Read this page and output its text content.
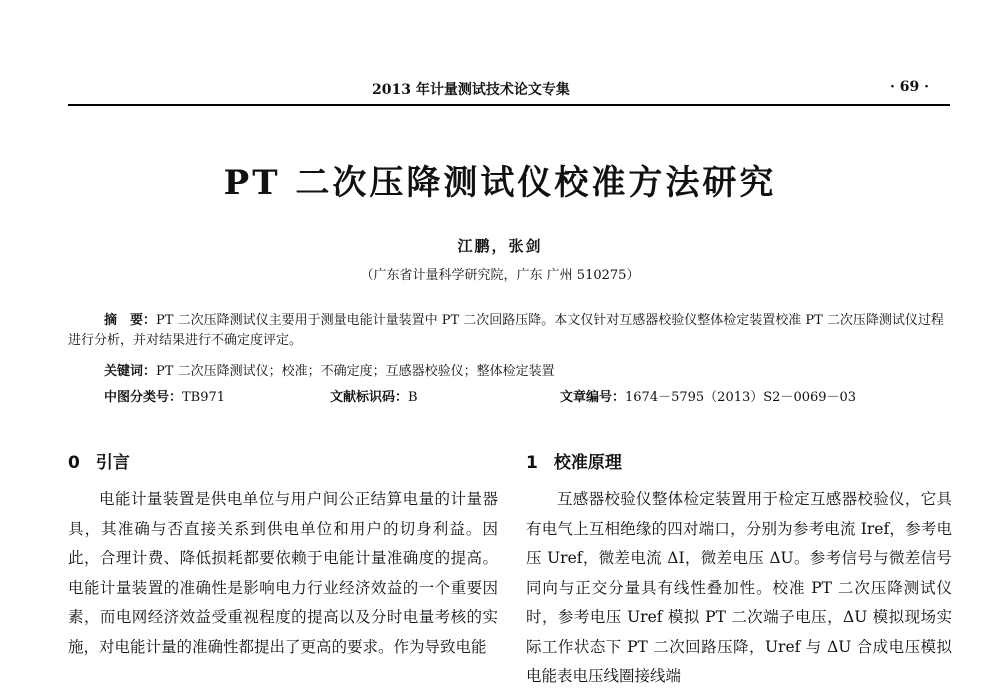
2013 年计量测试技术论文专集	· 69 ·
PT 二次压降测试仪校准方法研究
江鹏，张剑
（广东省计量科学研究院，广东 广州 510275）
摘　要：PT 二次压降测试仪主要用于测量电能计量装置中 PT 二次回路压降。本文仅针对互感器校验仪整体检定装置校准 PT 二次压降测试仪过程进行分析，并对结果进行不确定度评定。
关键词：PT 二次压降测试仪；校准；不确定度；互感器校验仪；整体检定装置
中图分类号：TB971	文献标识码：B	文章编号：1674－5795（2013）S2－0069－03
0 引言	1 校准原理
电能计量装置是供电单位与用户间公正结算电量的计量器具，其准确与否直接关系到供电单位和用户的切身利益。因此，合理计费、降低损耗都要依赖于电能计量准确度的提高。电能计量装置的准确性是影响电力行业经济效益的一个重要因素，而电网经济效益受重视程度的提高以及分时电量考核的实施，对电能计量的准确性都提出了更高的要求。作为导致电能
互感器校验仪整体检定装置用于检定互感器校验仪，它具有电气上互相绝缘的四对端口，分别为参考电流 Iref，参考电压 Uref，微差电流 ΔI，微差电压 ΔU。参考信号与微差信号同向与正交分量具有线性叠加性。校准 PT 二次压降测试仪时，参考电压 Uref 模拟 PT 二次端子电压，ΔU 模拟现场实际工作状态下 PT 二次回路压降，Uref 与 ΔU 合成电压模拟电能表电压线圈接线端
